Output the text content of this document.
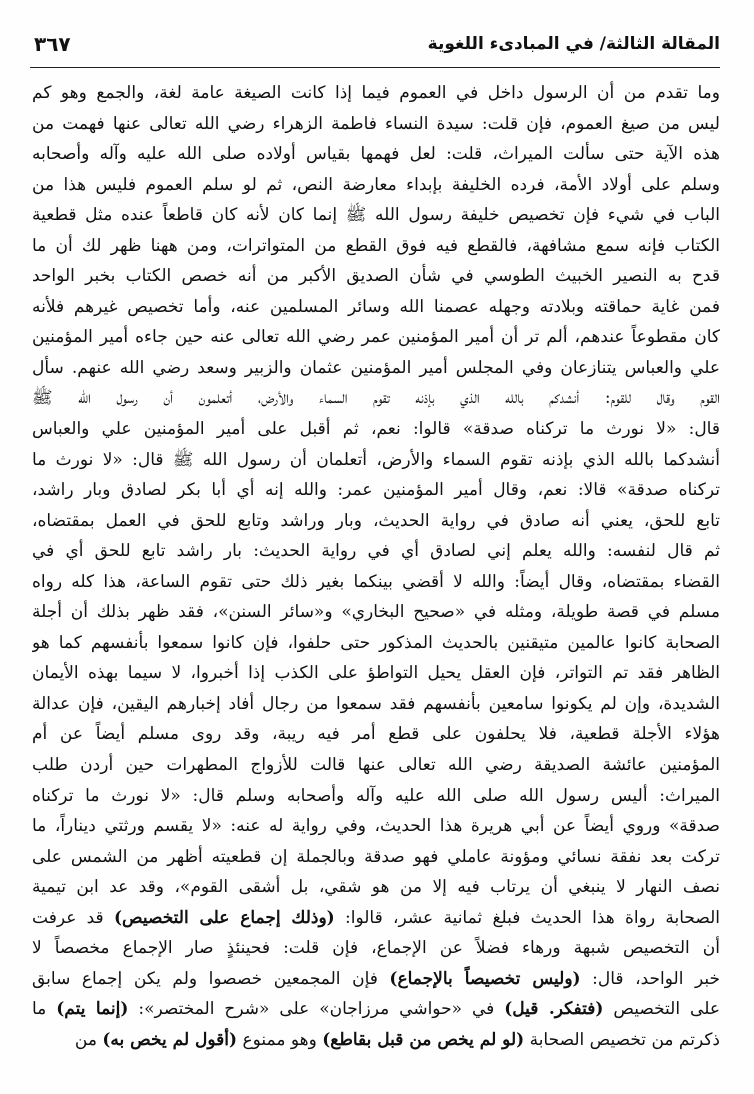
المقالة الثالثة/ في المبادىء اللغوية
٣٦٧
وما تقدم من أن الرسول داخل في العموم فيما إذا كانت الصيغة عامة لغة، والجمع وهو كم
ليس من صيغ العموم، فإن قلت: سيدة النساء فاطمة الزهراء رضي الله تعالى عنها فهمت من
هذه الآية حتى سألت الميراث، قلت: لعل فهمها بقياس أولاده صلى الله عليه وآله وأصحابه
وسلم على أولاد الأمة، فرده الخليفة بإبداء معارضة النص، ثم لو سلم العموم فليس هذا من
الباب في شيء فإن تخصيص خليفة رسول الله ﷺ إنما كان لأنه كان قاطعاً عنده مثل قطعية
الكتاب فإنه سمع مشافهة، فالقطع فيه فوق القطع من المتواترات، ومن ههنا ظهر لك أن ما
قدح به النصير الخبيث الطوسي في شأن الصديق الأكبر من أنه خصص الكتاب بخبر الواحد
فمن غاية حماقته وبلادته وجهله عصمنا الله وسائر المسلمين عنه، وأما تخصيص غيرهم فلأنه
كان مقطوعاً عندهم، ألم تر أن أمير المؤمنين عمر رضي الله تعالى عنه حين جاءه أمير المؤمنين
علي والعباس يتنازعان وفي المجلس أمير المؤمنين عثمان والزبير وسعد رضي الله عنهم. سأل
القوم وقال للقوم: أنشدكم بالله الذي بإذنه تقوم السماء والأرض، أتعلمون أن رسول الله ﷺ
قال: «لا نورث ما تركناه صدقة» قالوا: نعم، ثم أقبل على أمير المؤمنين علي والعباس
أنشدكما بالله الذي بإذنه تقوم السماء والأرض، أتعلمان أن رسول الله ﷺ قال: «لا نورث ما
تركناه صدقة» قالا: نعم، وقال أمير المؤمنين عمر: والله إنه أي أبا بكر لصادق وبار راشد،
تابع للحق، يعني أنه صادق في رواية الحديث، وبار وراشد وتابع للحق في العمل بمقتضاه،
ثم قال لنفسه: والله يعلم إني لصادق أي في رواية الحديث: بار راشد تابع للحق أي في
القضاء بمقتضاه، وقال أيضاً: والله لا أقضي بينكما بغير ذلك حتى تقوم الساعة، هذا كله رواه
مسلم في قصة طويلة، ومثله في «صحيح البخاري» و«سائر السنن»، فقد ظهر بذلك أن أجلة
الصحابة كانوا عالمين متيقنين بالحديث المذكور حتى حلفوا، فإن كانوا سمعوا بأنفسهم كما هو
الظاهر فقد تم التواتر، فإن العقل يحيل التواطؤ على الكذب إذا أخبروا، لا سيما بهذه الأيمان
الشديدة، وإن لم يكونوا سامعين بأنفسهم فقد سمعوا من رجال أفاد إخبارهم اليقين، فإن عدالة
هؤلاء الأجلة قطعية، فلا يحلفون على قطع أمر فيه ريبة، وقد روى مسلم أيضاً عن أم
المؤمنين عائشة الصديقة رضي الله تعالى عنها قالت للأزواج المطهرات حين أردن طلب
الميراث: أليس رسول الله صلى الله عليه وآله وأصحابه وسلم قال: «لا نورث ما تركناه
صدقة» وروي أيضاً عن أبي هريرة هذا الحديث، وفي رواية له عنه: «لا يقسم ورثتي ديناراً، ما
تركت بعد نفقة نسائي ومؤونة عاملي فهو صدقة وبالجملة إن قطعيته أظهر من الشمس على
نصف النهار لا ينبغي أن يرتاب فيه إلا من هو شقي، بل أشقى القوم»، وقد عد ابن تيمية
الصحابة رواة هذا الحديث فبلغ ثمانية عشر، قالوا: (وذلك إجماع على التخصيص) قد عرفت
أن التخصيص شبهة ورهاء فضلاً عن الإجماع، فإن قلت: فحينئذٍ صار الإجماع مخصصاً لا
خبر الواحد، قال: (وليس تخصيصاً بالإجماع) فإن المجمعين خصصوا ولم يكن إجماع سابق
على التخصيص (فتفكر. قيل) في «حواشي مرزاجان» على «شرح المختصر»: (إنما يتم) ما
ذكرتم من تخصيص الصحابة (لو لم يخص من قبل بقاطع) وهو ممنوع (أقول لم يخص به) من
